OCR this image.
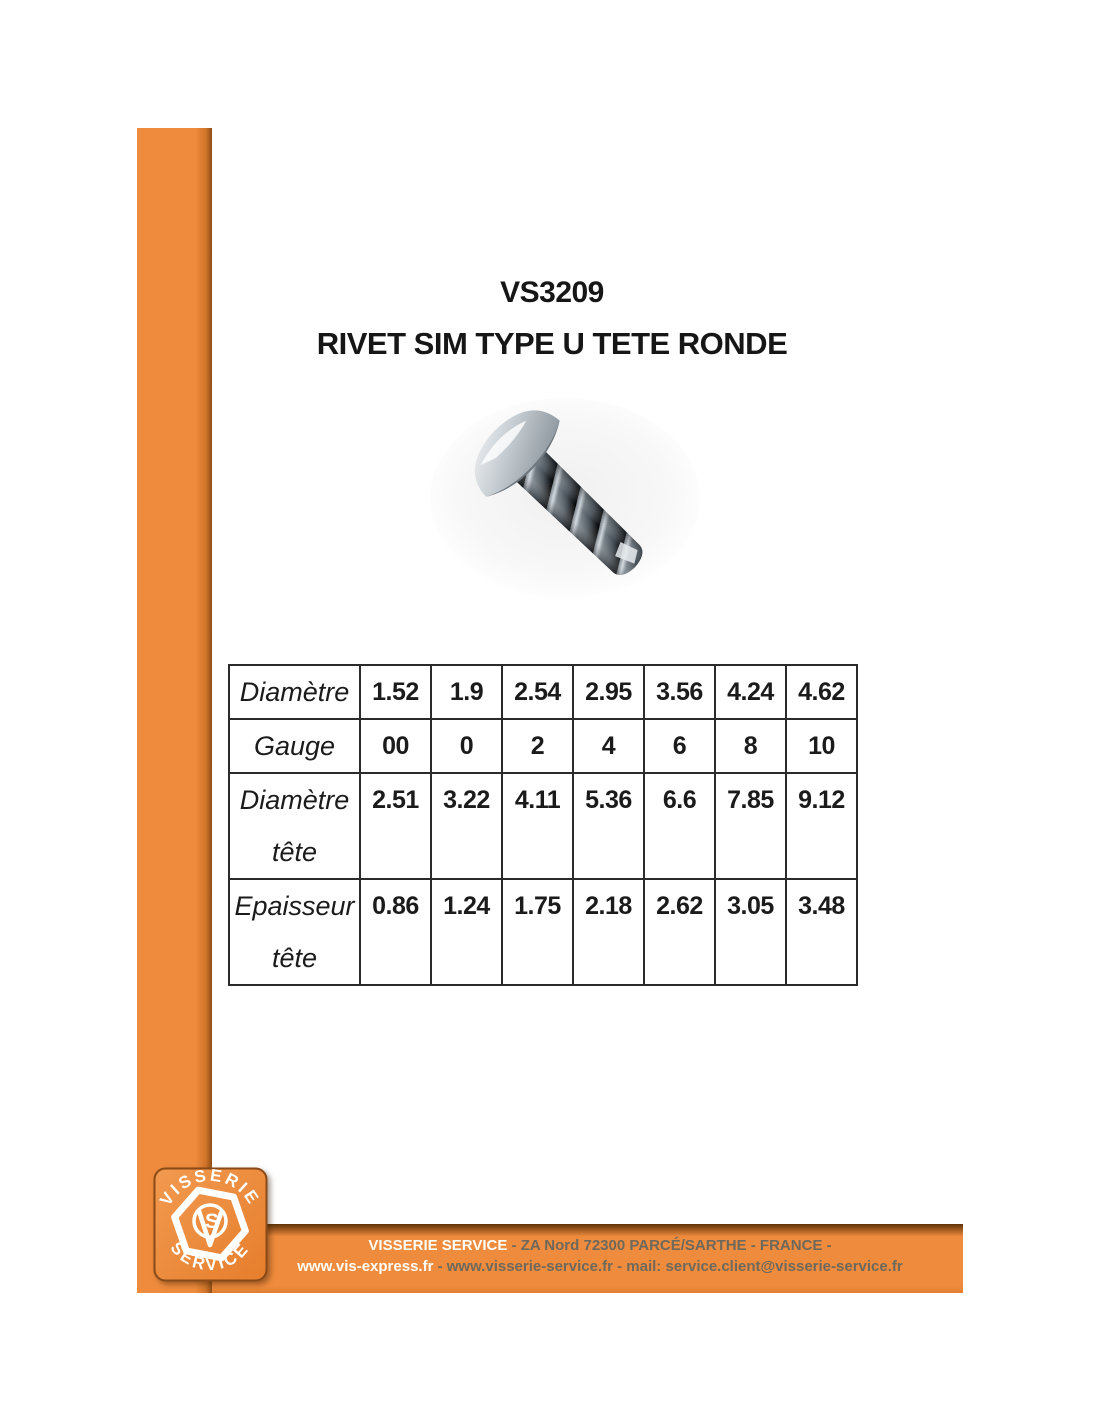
VS3209
RIVET SIM TYPE U TETE RONDE
Diamètre	1.52	1.9	2.54	2.95	3.56	4.24	4.62
Gauge	00	0	2	4	6	8	10
Diamètre tête	2.51	3.22	4.11	5.36	6.6	7.85	9.12
Epaisseur tête	0.86	1.24	1.75	2.18	2.62	3.05	3.48
VISSERIE SERVICE - ZA Nord 72300 PARCÉ/SARTHE - FRANCE -
www.vis-express.fr - www.visserie-service.fr - mail: service.client@visserie-service.fr
VISSERIE
SERVICE
S
